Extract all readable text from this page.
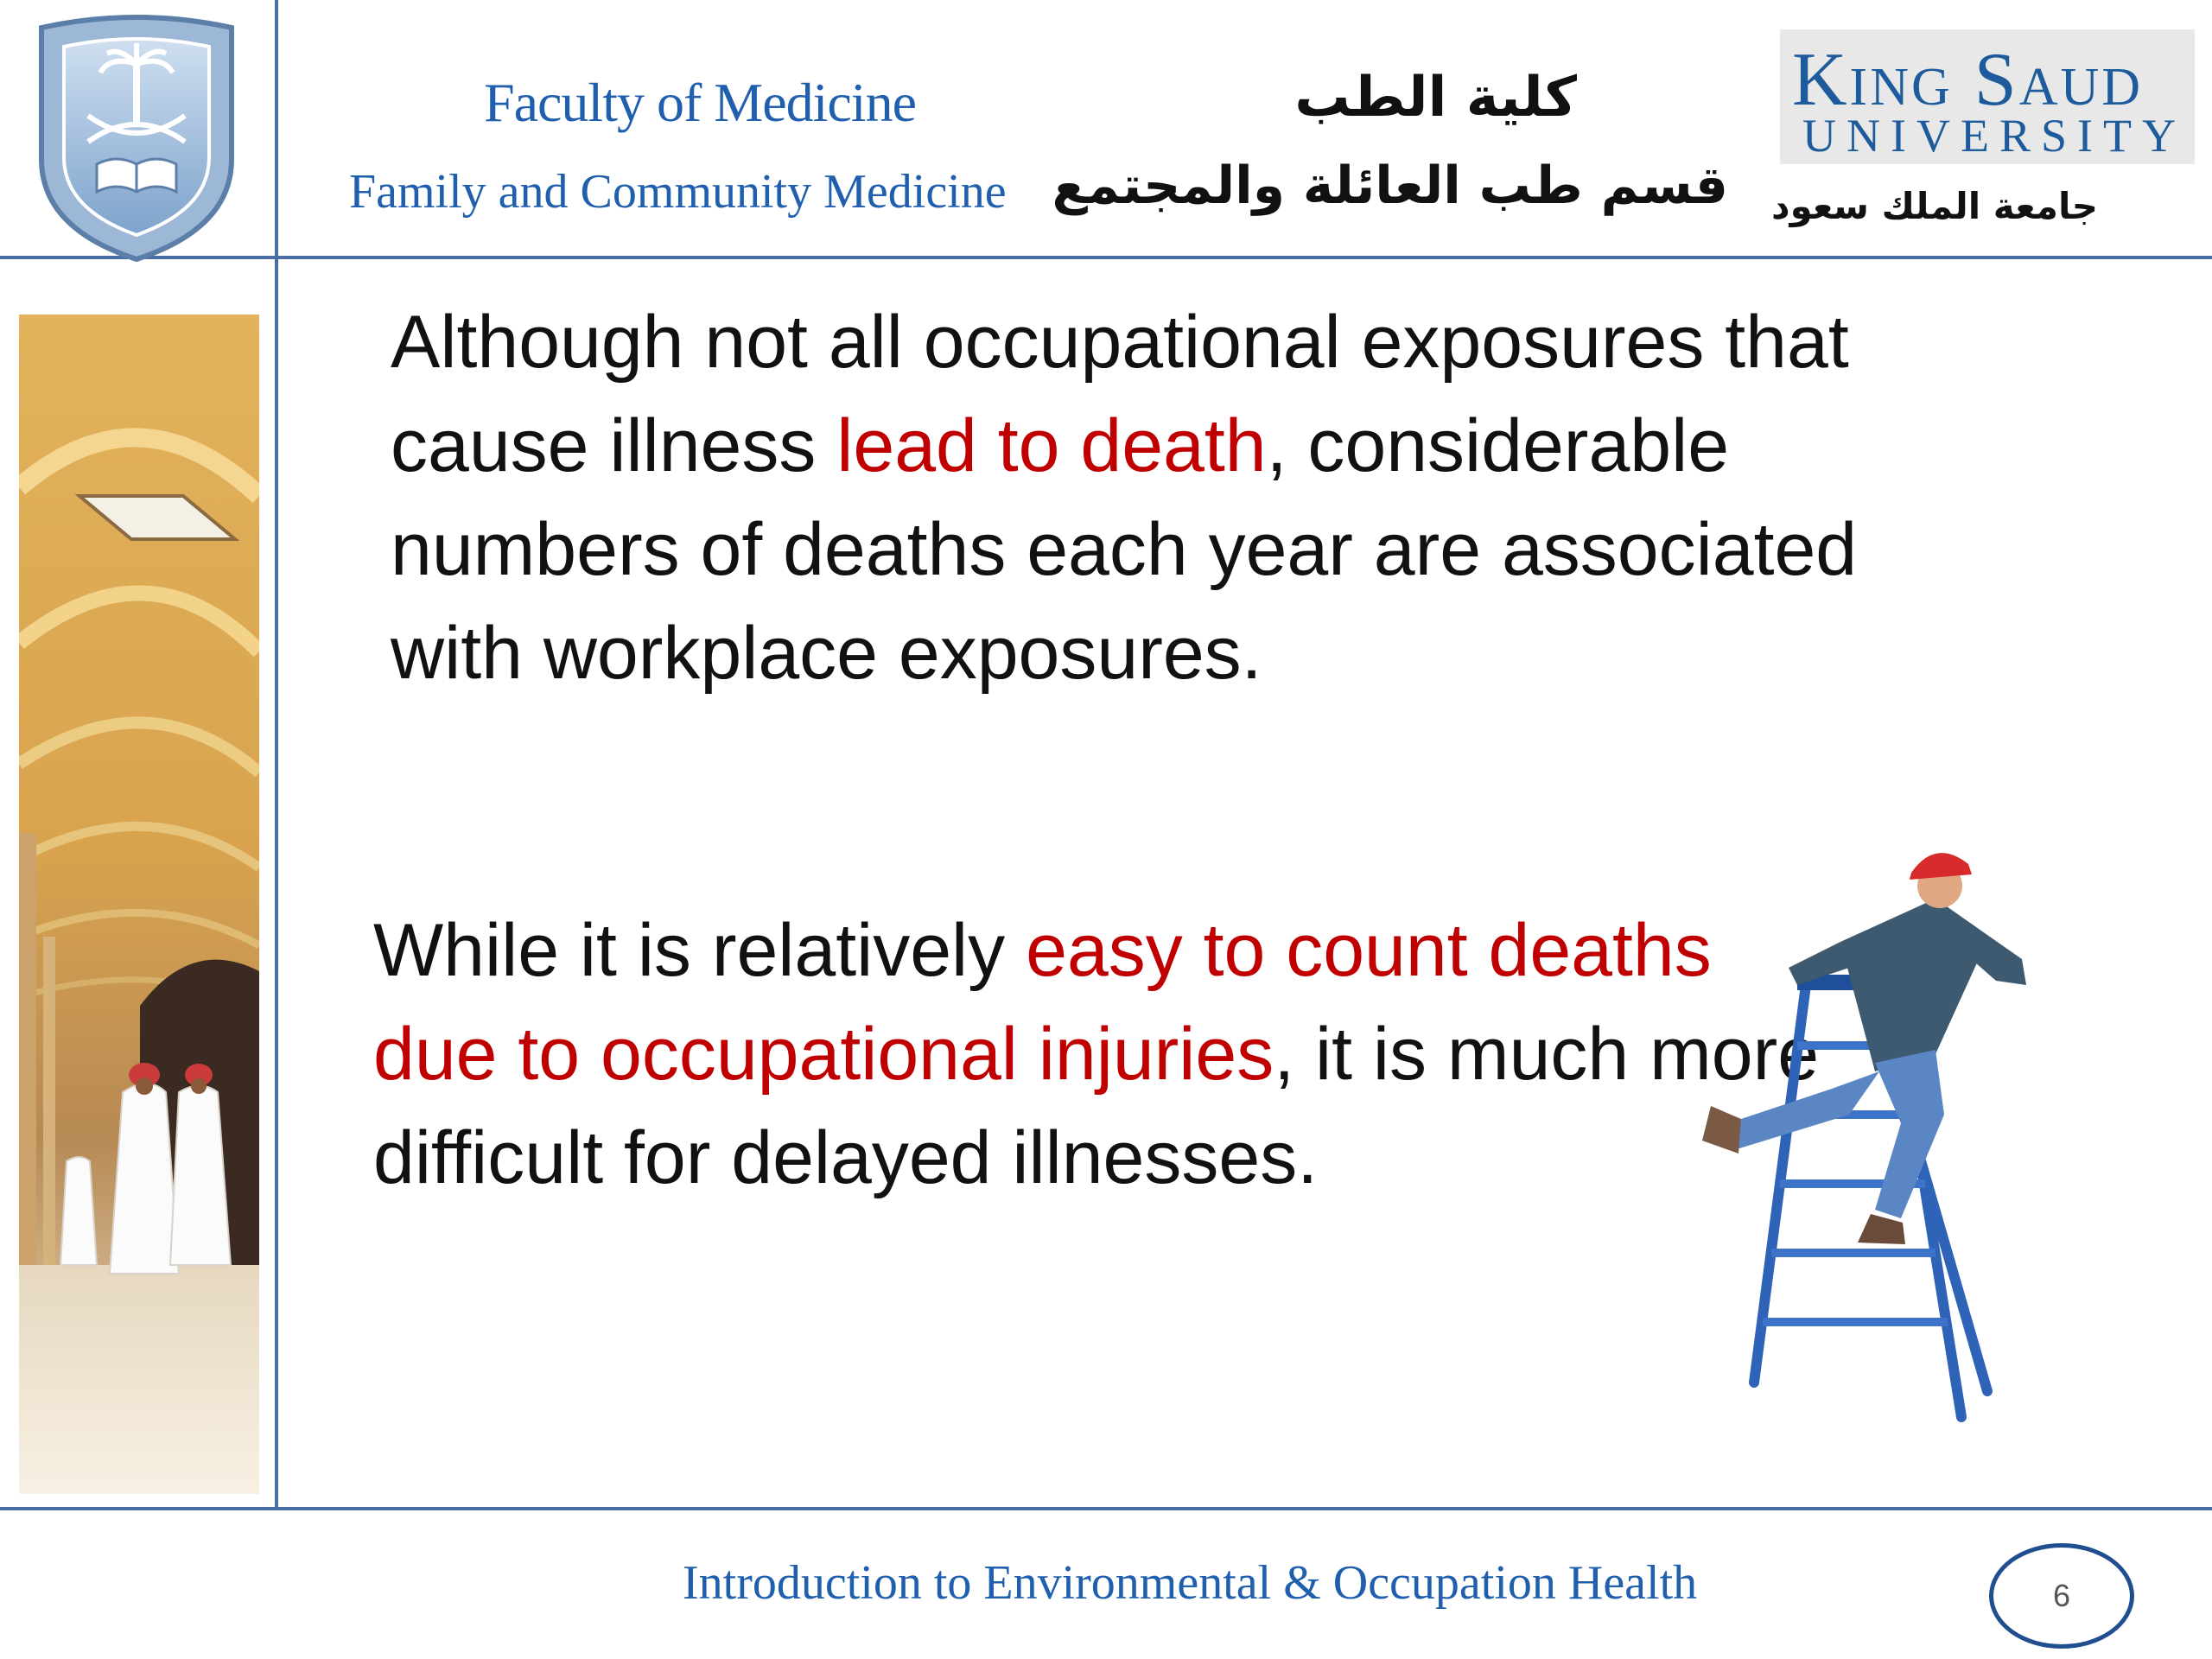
Faculty of Medicine
Family and Community Medicine
كلية الطب
قسم طب العائلة والمجتمع
King Saud
UNIVERSITY
جامعة الملك سعود
Although not all occupational exposures that cause illness lead to death, considerable numbers of deaths each year are associated with workplace exposures.
While it is relatively easy to count deaths due to occupational injuries, it is much more difficult for delayed illnesses.
Introduction to Environmental & Occupation Health	6
